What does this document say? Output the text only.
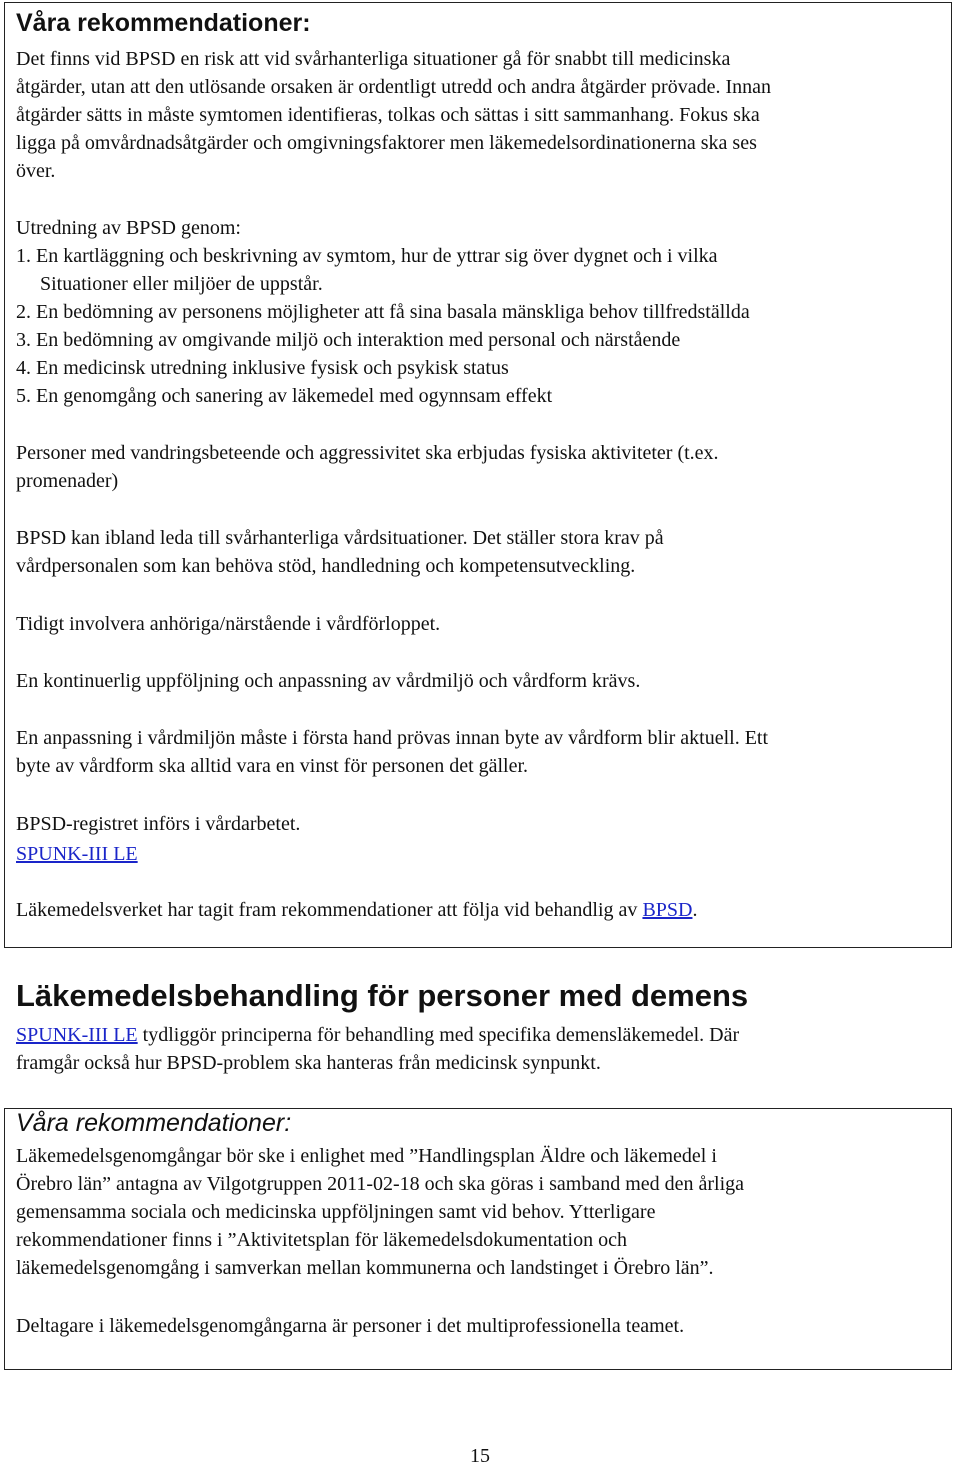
Våra rekommendationer:

Det finns vid BPSD en risk att vid svårhanterliga situationer gå för snabbt till medicinska

åtgärder, utan att den utlösande orsaken är ordentligt utredd och andra åtgärder prövade. Innan

åtgärder sätts in måste symtomen identifieras, tolkas och sättas i sitt sammanhang. Fokus ska

ligga på omvårdnadsåtgärder och omgivningsfaktorer men läkemedelsordinationerna ska ses

över.

Utredning av BPSD genom:

1. En kartläggning och beskrivning av symtom, hur de yttrar sig över dygnet och i vilka

Situationer eller miljöer de uppstår.

2. En bedömning av personens möjligheter att få sina basala mänskliga behov tillfredställda

3. En bedömning av omgivande miljö och interaktion med personal och närstående

4. En medicinsk utredning inklusive fysisk och psykisk status

5. En genomgång och sanering av läkemedel med ogynnsam effekt

Personer med vandringsbeteende och aggressivitet ska erbjudas fysiska aktiviteter (t.ex.

promenader)

BPSD kan ibland leda till svårhanterliga vårdsituationer. Det ställer stora krav på

vårdpersonalen som kan behöva stöd, handledning och kompetensutveckling.

Tidigt involvera anhöriga/närstående i vårdförloppet.

En kontinuerlig uppföljning och anpassning av vårdmiljö och vårdform krävs.

En anpassning i vårdmiljön måste i första hand prövas innan byte av vårdform blir aktuell. Ett

byte av vårdform ska alltid vara en vinst för personen det gäller.

BPSD-registret införs i vårdarbetet.

SPUNK-III LE

Läkemedelsverket har tagit fram rekommendationer att följa vid behandlig av BPSD.

Läkemedelsbehandling för personer med demens

SPUNK-III LE tydliggör principerna för behandling med specifika demensläkemedel. Där

framgår också hur BPSD-problem ska hanteras från medicinsk synpunkt.

Våra rekommendationer:

Läkemedelsgenomgångar bör ske i enlighet med ”Handlingsplan Äldre och läkemedel i

Örebro län” antagna av Vilgotgruppen 2011-02-18 och ska göras i samband med den årliga

gemensamma sociala och medicinska uppföljningen samt vid behov. Ytterligare

rekommendationer finns i ”Aktivitetsplan för läkemedelsdokumentation och

läkemedelsgenomgång i samverkan mellan kommunerna och landstinget i Örebro län”.

Deltagare i läkemedelsgenomgångarna är personer i det multiprofessionella teamet.

15
